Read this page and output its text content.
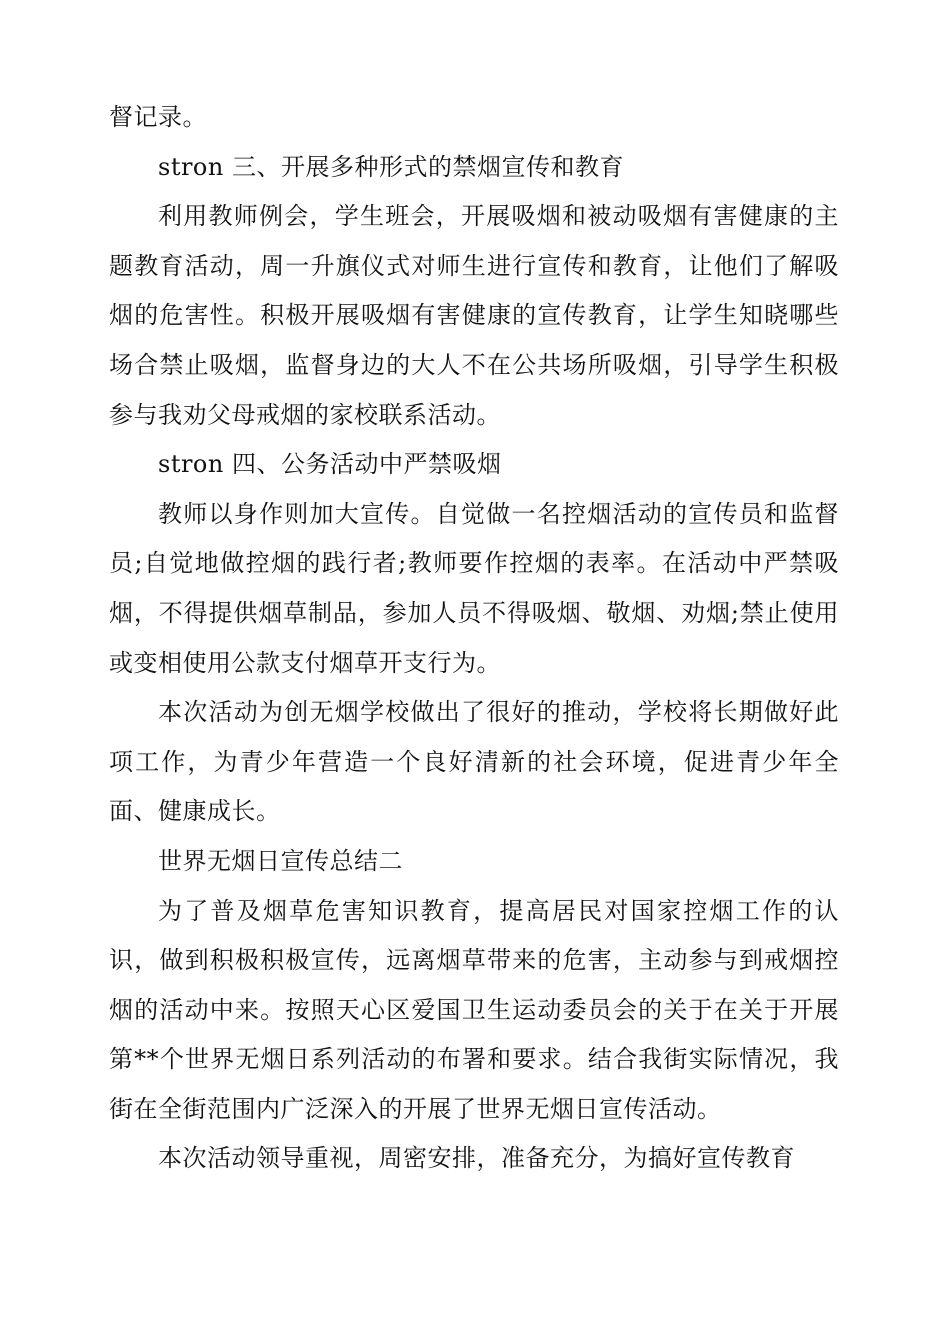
督记录。

stron 三、开展多种形式的禁烟宣传和教育

利用教师例会，学生班会，开展吸烟和被动吸烟有害健康的主题教育活动，周一升旗仪式对师生进行宣传和教育，让他们了解吸烟的危害性。积极开展吸烟有害健康的宣传教育，让学生知晓哪些场合禁止吸烟，监督身边的大人不在公共场所吸烟，引导学生积极参与我劝父母戒烟的家校联系活动。

stron 四、公务活动中严禁吸烟

教师以身作则加大宣传。自觉做一名控烟活动的宣传员和监督员;自觉地做控烟的践行者;教师要作控烟的表率。在活动中严禁吸烟，不得提供烟草制品，参加人员不得吸烟、敬烟、劝烟;禁止使用或变相使用公款支付烟草开支行为。

本次活动为创无烟学校做出了很好的推动，学校将长期做好此项工作，为青少年营造一个良好清新的社会环境，促进青少年全面、健康成长。

世界无烟日宣传总结二

为了普及烟草危害知识教育，提高居民对国家控烟工作的认识，做到积极积极宣传，远离烟草带来的危害，主动参与到戒烟控烟的活动中来。按照天心区爱国卫生运动委员会的关于在关于开展第**个世界无烟日系列活动的布署和要求。结合我街实际情况，我街在全街范围内广泛深入的开展了世界无烟日宣传活动。

本次活动领导重视，周密安排，准备充分，为搞好宣传教育
